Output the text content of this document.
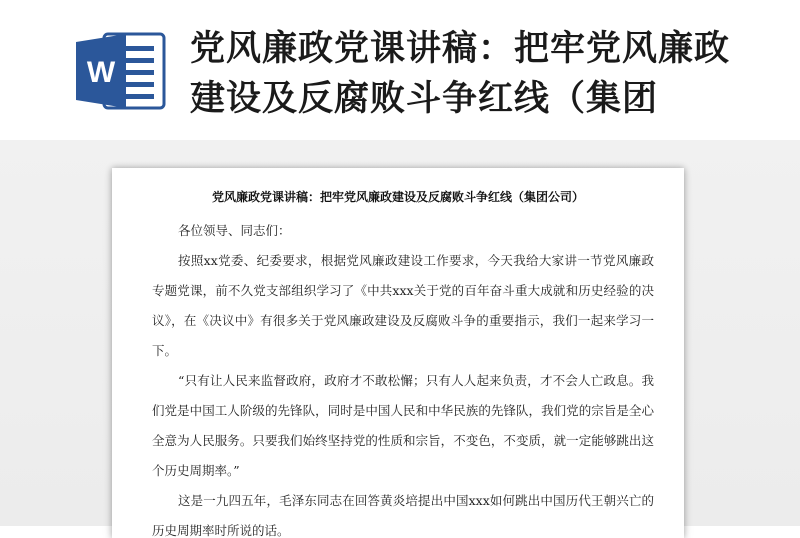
W
党风廉政党课讲稿：把牢党风廉政建设及反腐败斗争红线（集团
党风廉政党课讲稿：把牢党风廉政建设及反腐败斗争红线（集团公司）

各位领导、同志们：

按照xx党委、纪委要求，根据党风廉政建设工作要求，今天我给大家讲一节党风廉政专题党课，前不久党支部组织学习了《中共xxx关于党的百年奋斗重大成就和历史经验的决议》，在《决议中》有很多关于党风廉政建设及反腐败斗争的重要指示，我们一起来学习一下。

“只有让人民来监督政府，政府才不敢松懈；只有人人起来负责，才不会人亡政息。我们党是中国工人阶级的先锋队，同时是中国人民和中华民族的先锋队，我们党的宗旨是全心全意为人民服务。只要我们始终坚持党的性质和宗旨，不变色，不变质，就一定能够跳出这个历史周期率。”

这是一九四五年，毛泽东同志在回答黄炎培提出中国xxx如何跳出中国历代王朝兴亡的历史周期率时所说的话。
